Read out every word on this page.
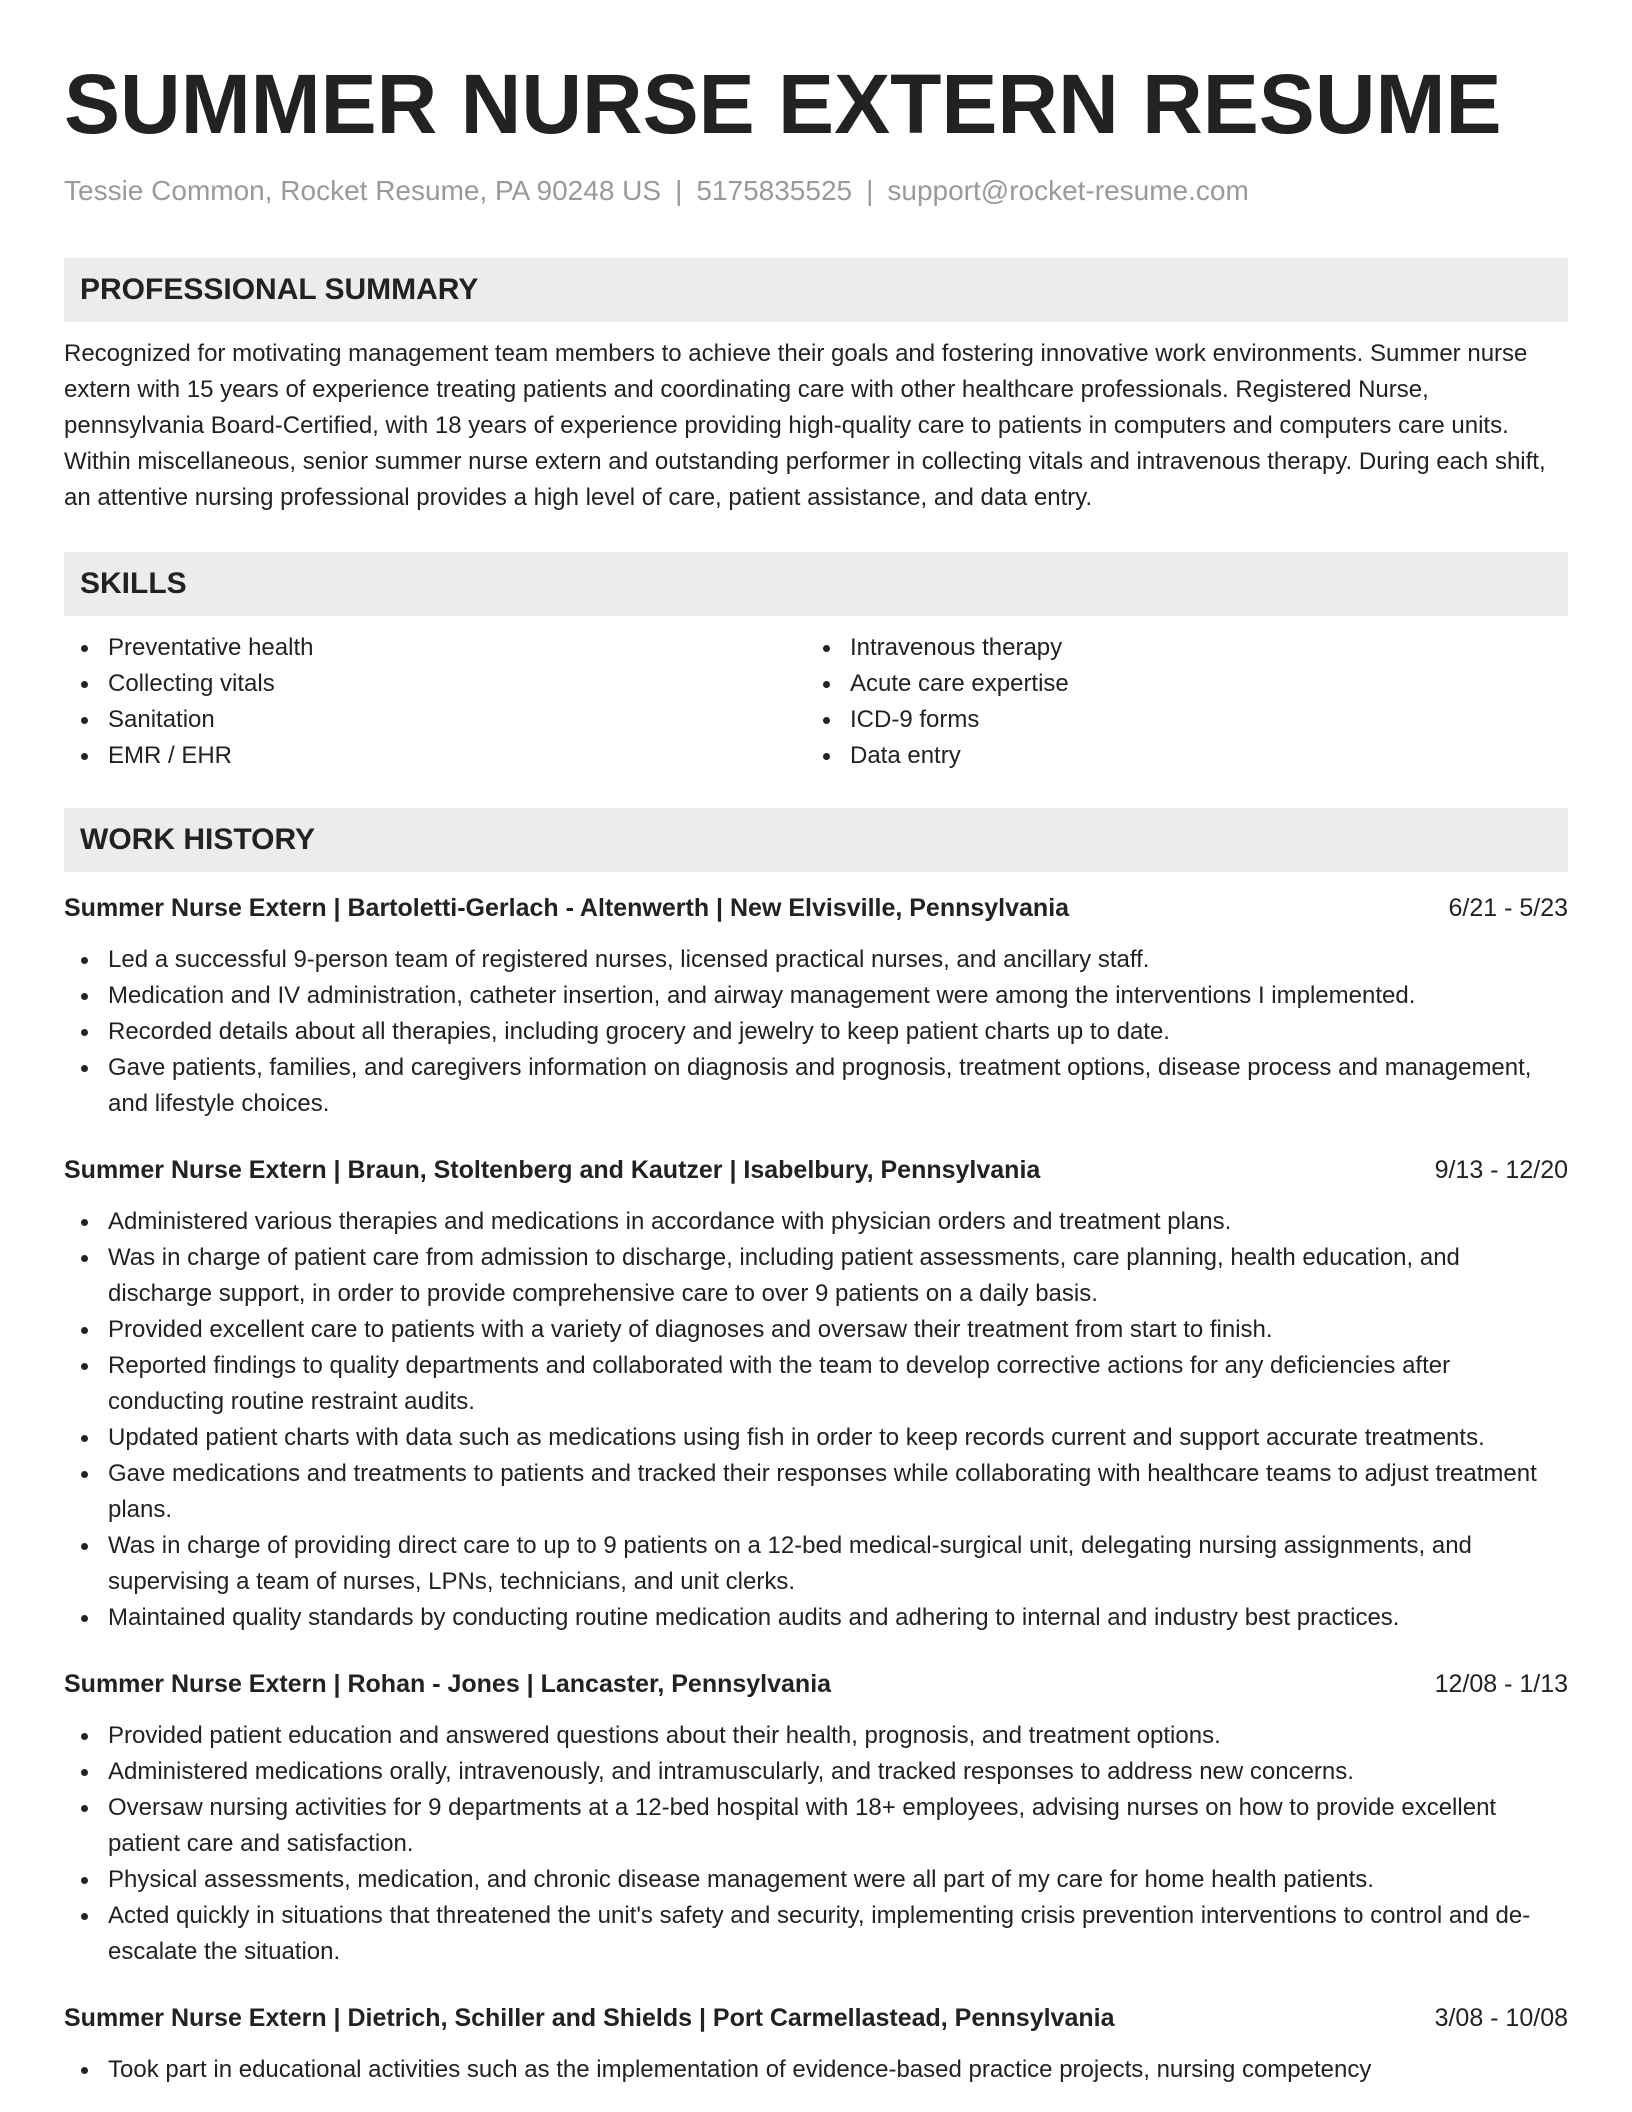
SUMMER NURSE EXTERN RESUME
Tessie Common, Rocket Resume, PA 90248 US | 5175835525 | support@rocket-resume.com
PROFESSIONAL SUMMARY
Recognized for motivating management team members to achieve their goals and fostering innovative work environments. Summer nurse extern with 15 years of experience treating patients and coordinating care with other healthcare professionals. Registered Nurse, pennsylvania Board-Certified, with 18 years of experience providing high-quality care to patients in computers and computers care units. Within miscellaneous, senior summer nurse extern and outstanding performer in collecting vitals and intravenous therapy. During each shift, an attentive nursing professional provides a high level of care, patient assistance, and data entry.
SKILLS
Preventative health
Collecting vitals
Sanitation
EMR / EHR
Intravenous therapy
Acute care expertise
ICD-9 forms
Data entry
WORK HISTORY
Summer Nurse Extern | Bartoletti-Gerlach - Altenwerth | New Elvisville, Pennsylvania	6/21 - 5/23
Led a successful 9-person team of registered nurses, licensed practical nurses, and ancillary staff.
Medication and IV administration, catheter insertion, and airway management were among the interventions I implemented.
Recorded details about all therapies, including grocery and jewelry to keep patient charts up to date.
Gave patients, families, and caregivers information on diagnosis and prognosis, treatment options, disease process and management, and lifestyle choices.
Summer Nurse Extern | Braun, Stoltenberg and Kautzer | Isabelbury, Pennsylvania	9/13 - 12/20
Administered various therapies and medications in accordance with physician orders and treatment plans.
Was in charge of patient care from admission to discharge, including patient assessments, care planning, health education, and discharge support, in order to provide comprehensive care to over 9 patients on a daily basis.
Provided excellent care to patients with a variety of diagnoses and oversaw their treatment from start to finish.
Reported findings to quality departments and collaborated with the team to develop corrective actions for any deficiencies after conducting routine restraint audits.
Updated patient charts with data such as medications using fish in order to keep records current and support accurate treatments.
Gave medications and treatments to patients and tracked their responses while collaborating with healthcare teams to adjust treatment plans.
Was in charge of providing direct care to up to 9 patients on a 12-bed medical-surgical unit, delegating nursing assignments, and supervising a team of nurses, LPNs, technicians, and unit clerks.
Maintained quality standards by conducting routine medication audits and adhering to internal and industry best practices.
Summer Nurse Extern | Rohan - Jones | Lancaster, Pennsylvania	12/08 - 1/13
Provided patient education and answered questions about their health, prognosis, and treatment options.
Administered medications orally, intravenously, and intramuscularly, and tracked responses to address new concerns.
Oversaw nursing activities for 9 departments at a 12-bed hospital with 18+ employees, advising nurses on how to provide excellent patient care and satisfaction.
Physical assessments, medication, and chronic disease management were all part of my care for home health patients.
Acted quickly in situations that threatened the unit's safety and security, implementing crisis prevention interventions to control and de-escalate the situation.
Summer Nurse Extern | Dietrich, Schiller and Shields | Port Carmellastead, Pennsylvania	3/08 - 10/08
Took part in educational activities such as the implementation of evidence-based practice projects, nursing competency
